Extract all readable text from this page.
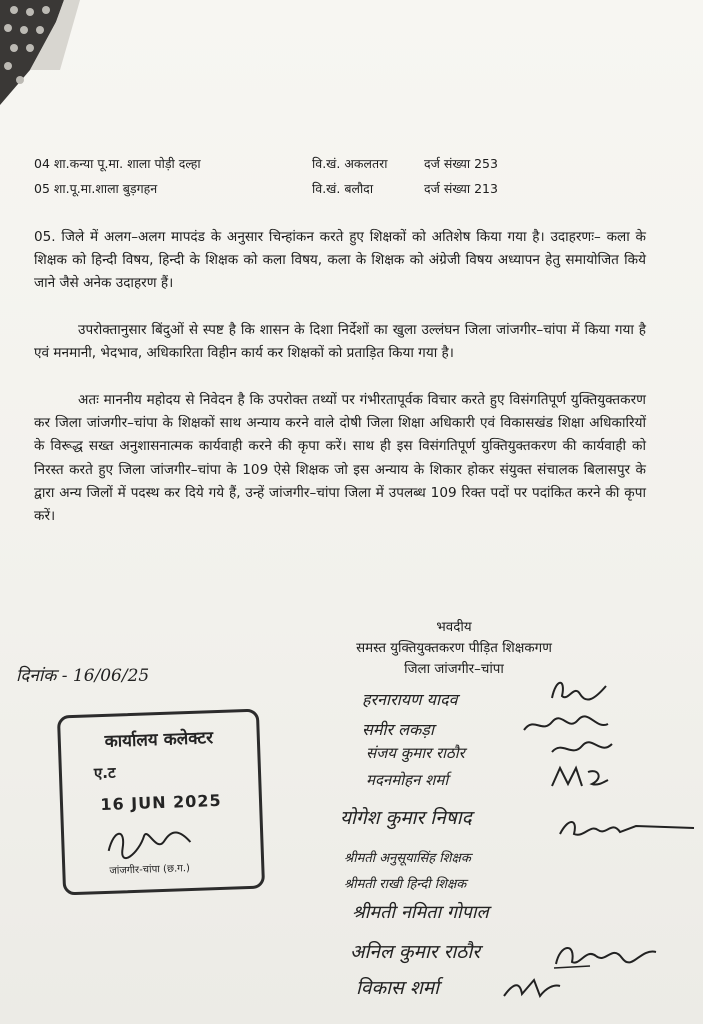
04 शा.कन्या पू.मा. शाला पोड़ी दल्हा	वि.खं. अकलतरा	दर्ज संख्या 253
05 शा.पू.मा.शाला बुड़गहन	वि.खं. बलौदा	दर्ज संख्या 213

05. जिले में अलग–अलग मापदंड के अनुसार चिन्हांकन करते हुए शिक्षकों को अतिशेष किया गया है। उदाहरणः– कला के शिक्षक को हिन्दी विषय, हिन्दी के शिक्षक को कला विषय, कला के शिक्षक को अंग्रेजी विषय अध्यापन हेतु समायोजित किये जाने जैसे अनेक उदाहरण हैं।

उपरोक्तानुसार बिंदुओं से स्पष्ट है कि शासन के दिशा निर्देशों का खुला उल्लंघन जिला जांजगीर–चांपा में किया गया है एवं मनमानी, भेदभाव, अधिकारिता विहीन कार्य कर शिक्षकों को प्रताड़ित किया गया है।

अतः माननीय महोदय से निवेदन है कि उपरोक्त तथ्यों पर गंभीरतापूर्वक विचार करते हुए विसंगतिपूर्ण युक्तियुक्तकरण कर जिला जांजगीर–चांपा के शिक्षकों साथ अन्याय करने वाले दोषी जिला शिक्षा अधिकारी एवं विकासखंड शिक्षा अधिकारियों के विरूद्ध सख्त अनुशासनात्मक कार्यवाही करने की कृपा करें। साथ ही इस विसंगतिपूर्ण युक्तियुक्तकरण की कार्यवाही को निरस्त करते हुए जिला जांजगीर–चांपा के 109 ऐसे शिक्षक जो इस अन्याय के शिकार होकर संयुक्त संचालक बिलासपुर के द्वारा अन्य जिलों में पदस्थ कर दिये गये हैं, उन्हें जांजगीर–चांपा जिला में उपलब्ध 109 रिक्त पदों पर पदांकित करने की कृपा करें।

भवदीय
समस्त युक्तियुक्तकरण पीड़ित शिक्षकगण
जिला जांजगीर–चांपा
दिनांक - 16/06/25
कार्यालय कलेक्टर
ए.ट
16 JUN 2025
जांजगीर-चांपा (छ.ग.)
हरनारायण यादव
समीर लकड़ा
संजय कुमार राठौर
मदनमोहन शर्मा
योगेश कुमार निषाद
श्रीमती अनुसूयासिंह शिक्षक
श्रीमती राखी हिन्दी शिक्षक
श्रीमती नमिता गोपाल
अनिल कुमार राठौर
विकास शर्मा
